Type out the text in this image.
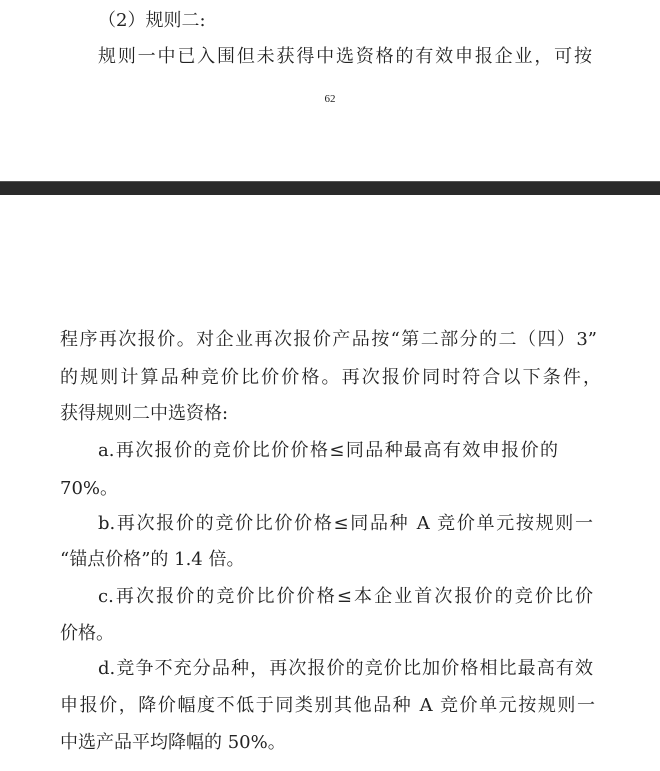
（2）规则二:
规则一中已入围但未获得中选资格的有效申报企业，可按
62
程序再次报价。对企业再次报价产品按“第二部分的二（四）3”
的规则计算品种竞价比价价格。再次报价同时符合以下条件，
获得规则二中选资格:
a.再次报价的竞价比价价格≤同品种最高有效申报价的
70%。
b.再次报价的竞价比价价格≤同品种 A 竞价单元按规则一
“锚点价格”的 1.4 倍。
c.再次报价的竞价比价价格≤本企业首次报价的竞价比价
价格。
d.竞争不充分品种，再次报价的竞价比加价格相比最高有效
申报价，降价幅度不低于同类别其他品种 A 竞价单元按规则一
中选产品平均降幅的 50%。
